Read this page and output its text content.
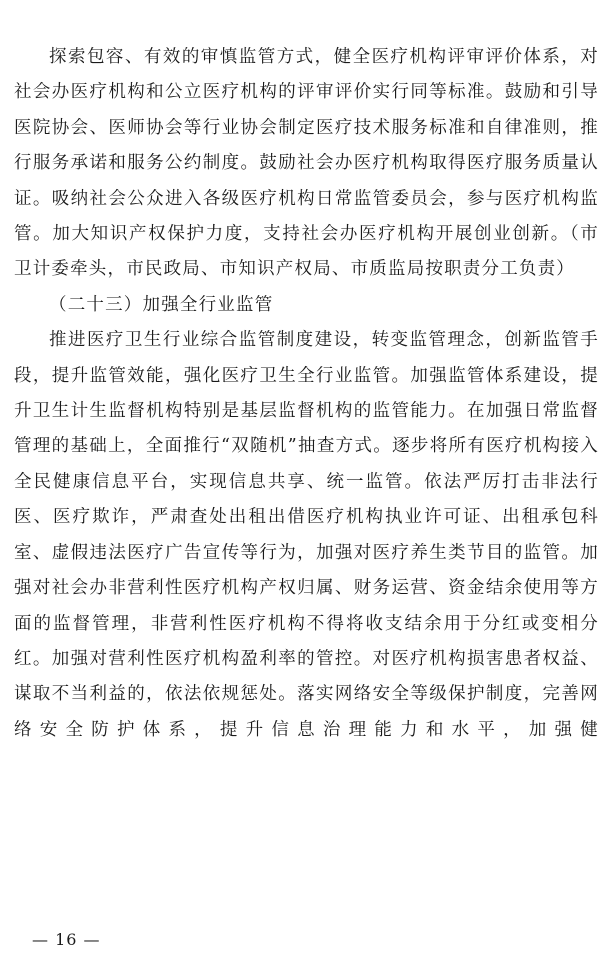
探索包容、有效的审慎监管方式，健全医疗机构评审评价体系，对社会办医疗机构和公立医疗机构的评审评价实行同等标准。鼓励和引导医院协会、医师协会等行业协会制定医疗技术服务标准和自律准则，推行服务承诺和服务公约制度。鼓励社会办医疗机构取得医疗服务质量认证。吸纳社会公众进入各级医疗机构日常监管委员会，参与医疗机构监管。加大知识产权保护力度，支持社会办医疗机构开展创业创新。（市卫计委牵头，市民政局、市知识产权局、市质监局按职责分工负责）

（二十三）加强全行业监管

推进医疗卫生行业综合监管制度建设，转变监管理念，创新监管手段，提升监管效能，强化医疗卫生全行业监管。加强监管体系建设，提升卫生计生监督机构特别是基层监督机构的监管能力。在加强日常监督管理的基础上，全面推行“双随机”抽查方式。逐步将所有医疗机构接入全民健康信息平台，实现信息共享、统一监管。依法严厉打击非法行医、医疗欺诈，严肃查处出租出借医疗机构执业许可证、出租承包科室、虚假违法医疗广告宣传等行为，加强对医疗养生类节目的监管。加强对社会办非营利性医疗机构产权归属、财务运营、资金结余使用等方面的监督管理，非营利性医疗机构不得将收支结余用于分红或变相分红。加强对营利性医疗机构盈利率的管控。对医疗机构损害患者权益、谋取不当利益的，依法依规惩处。落实网络安全等级保护制度，完善网络安全防护体系，提升信息治理能力和水平，加强健

— 16 —
